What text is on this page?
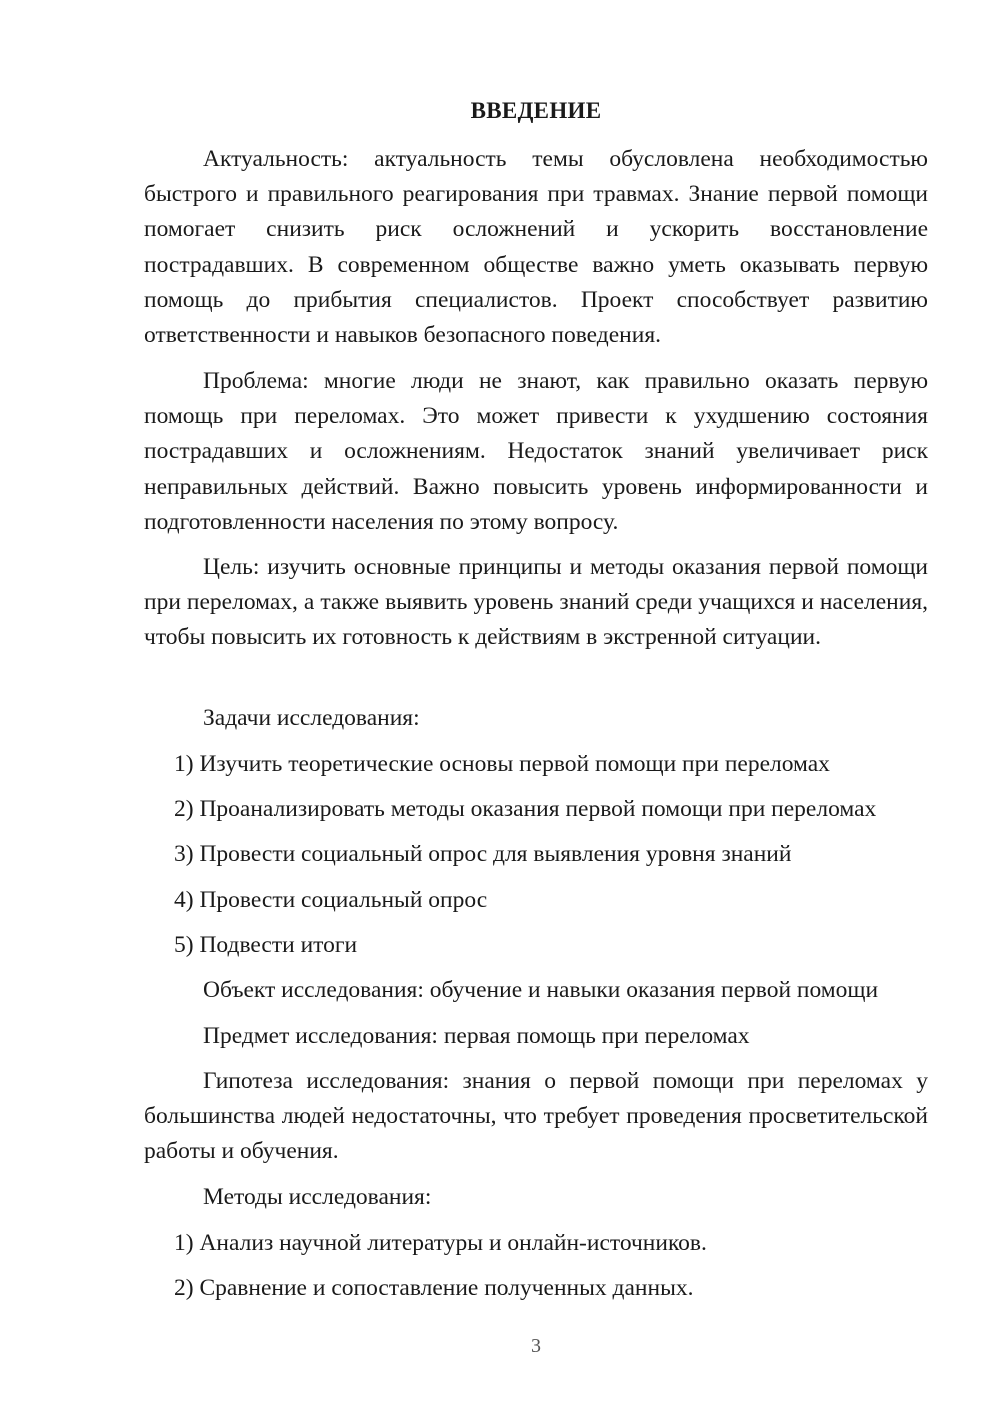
ВВЕДЕНИЕ
Актуальность: актуальность темы обусловлена необходимостью быстрого и правильного реагирования при травмах. Знание первой помощи помогает снизить риск осложнений и ускорить восстановление пострадавших. В современном обществе важно уметь оказывать первую помощь до прибытия специалистов. Проект способствует развитию ответственности и навыков безопасного поведения.
Проблема: многие люди не знают, как правильно оказать первую помощь при переломах. Это может привести к ухудшению состояния пострадавших и осложнениям. Недостаток знаний увеличивает риск неправильных действий. Важно повысить уровень информированности и подготовленности населения по этому вопросу.
Цель: изучить основные принципы и методы оказания первой помощи при переломах, а также выявить уровень знаний среди учащихся и населения, чтобы повысить их готовность к действиям в экстренной ситуации.
Задачи исследования:
1) Изучить теоретические основы первой помощи при переломах
2) Проанализировать методы оказания первой помощи при переломах
3) Провести социальный опрос для выявления уровня знаний
4) Провести социальный опрос
5) Подвести итоги
Объект исследования: обучение и навыки оказания первой помощи
Предмет исследования: первая помощь при переломах
Гипотеза исследования: знания о первой помощи при переломах у большинства людей недостаточны, что требует проведения просветительской работы и обучения.
Методы исследования:
1) Анализ научной литературы и онлайн-источников.
2) Сравнение и сопоставление полученных данных.
3
